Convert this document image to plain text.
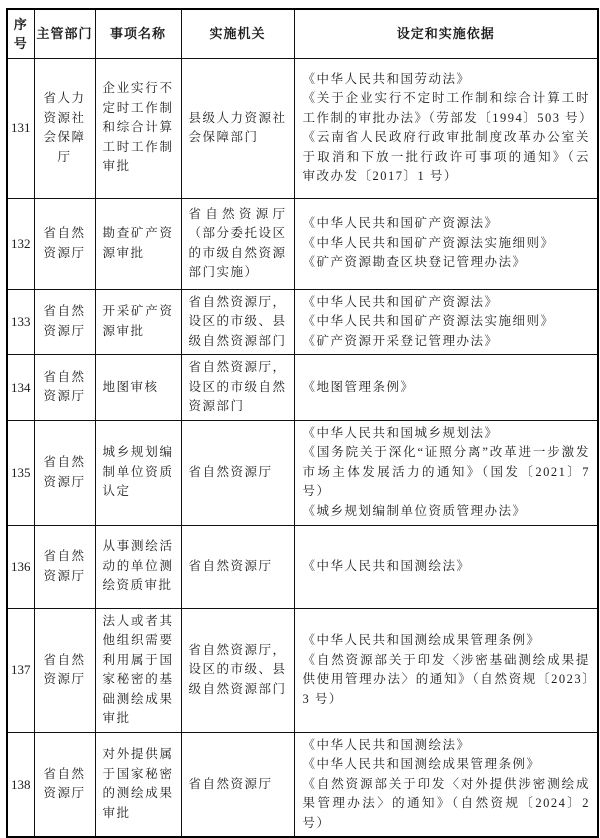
序号	主管部门	事项名称	实施机关	设定和实施依据
131	省人力资源社会保障厅	企业实行不定时工作制和综合计算工时工作制审批	县级人力资源社会保障部门	《中华人民共和国劳动法》

《关于企业实行不定时工作制和综合计算工时工作制的审批办法》（劳部发〔1994〕503 号）

《云南省人民政府行政审批制度改革办公室关于取消和下放一批行政许可事项的通知》（云审改办发〔2017〕1 号）

132	省自然资源厅	勘查矿产资源审批	省自然资源厅（部分委托设区的市级自然资源部门实施）	《中华人民共和国矿产资源法》

《中华人民共和国矿产资源法实施细则》

《矿产资源勘查区块登记管理办法》

133	省自然资源厅	开采矿产资源审批	省自然资源厅，设区的市级、县级自然资源部门	《中华人民共和国矿产资源法》

《中华人民共和国矿产资源法实施细则》

《矿产资源开采登记管理办法》

134	省自然资源厅	地图审核	省自然资源厅，设区的市级自然资源部门	《地图管理条例》

135	省自然资源厅	城乡规划编制单位资质认定	省自然资源厅	《中华人民共和国城乡规划法》

《国务院关于深化“证照分离”改革进一步激发市场主体发展活力的通知》（国发〔2021〕7 号）

《城乡规划编制单位资质管理办法》

136	省自然资源厅	从事测绘活动的单位测绘资质审批	省自然资源厅	《中华人民共和国测绘法》

137	省自然资源厅	法人或者其他组织需要利用属于国家秘密的基础测绘成果审批	省自然资源厅，设区的市级、县级自然资源部门	《中华人民共和国测绘成果管理条例》

《自然资源部关于印发〈涉密基础测绘成果提供使用管理办法〉的通知》（自然资规〔2023〕3 号）

138	省自然资源厅	对外提供属于国家秘密的测绘成果审批	省自然资源厅	《中华人民共和国测绘法》

《中华人民共和国测绘成果管理条例》

《自然资源部关于印发〈对外提供涉密测绘成果管理办法〉的通知》（自然资规〔2024〕2 号）
